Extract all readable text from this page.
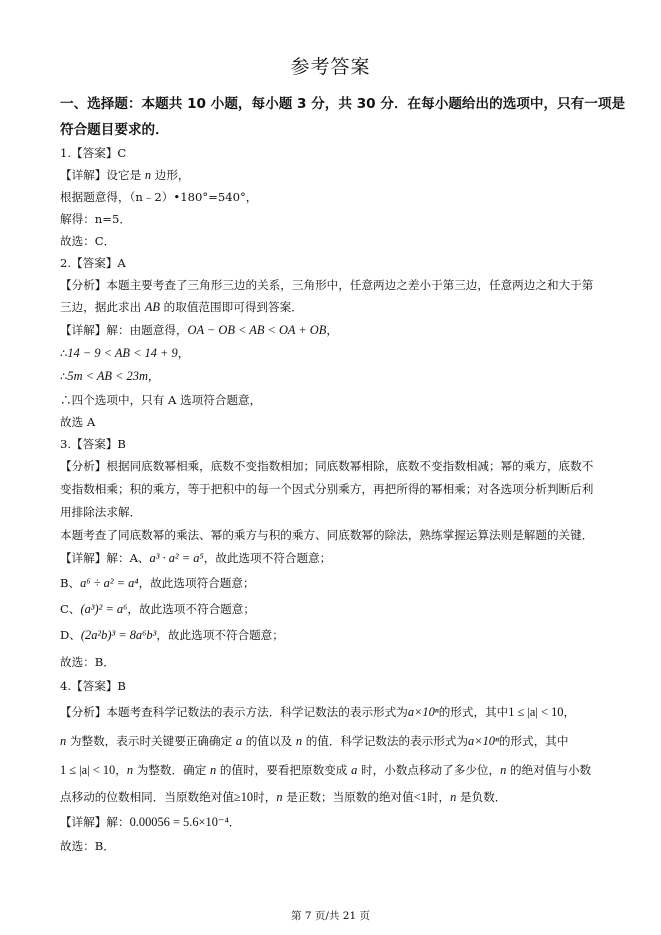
参考答案
一、选择题：本题共 10 小题，每小题 3 分，共 30 分．在每小题给出的选项中，只有一项是
符合题目要求的．
1.【答案】C
【详解】设它是 n 边形，
根据题意得，（n﹣2）•180°=540°，
解得：n=5．
故选：C．
2.【答案】A
【分析】本题主要考查了三角形三边的关系，三角形中，任意两边之差小于第三边，任意两边之和大于第
三边，据此求出 AB 的取值范围即可得到答案．
【详解】解：由题意得，OA − OB < AB < OA + OB，
∴14 − 9 < AB < 14 + 9，
∴5m < AB < 23m，
∴四个选项中，只有 A 选项符合题意，
故选 A
3.【答案】B
【分析】根据同底数幂相乘，底数不变指数相加；同底数幂相除，底数不变指数相减；幂的乘方，底数不
变指数相乘；积的乘方，等于把积中的每一个因式分别乘方，再把所得的幂相乘；对各选项分析判断后利
用排除法求解．
本题考查了同底数幂的乘法、幂的乘方与积的乘方、同底数幂的除法，熟练掌握运算法则是解题的关键．
【详解】解：A、a³ · a² = a⁵，故此选项不符合题意；
B、a⁶ ÷ a² = a⁴，故此选项符合题意；
C、(a³)² = a⁶，故此选项不符合题意；
D、(2a²b)³ = 8a⁶b³，故此选项不符合题意；
故选：B．
4.【答案】B
【分析】本题考查科学记数法的表示方法．科学记数法的表示形式为a×10ⁿ的形式，其中1 ≤ |a| < 10，
n 为整数，表示时关键要正确确定 a 的值以及 n 的值．科学记数法的表示形式为a×10ⁿ的形式，其中
1 ≤ |a| < 10，n 为整数．确定 n 的值时，要看把原数变成 a 时，小数点移动了多少位，n 的绝对值与小数
点移动的位数相同．当原数绝对值≥10时，n 是正数；当原数的绝对值<1时，n 是负数．
【详解】解：0.00056 = 5.6×10⁻⁴．
故选：B．
第 7 页/共 21 页
